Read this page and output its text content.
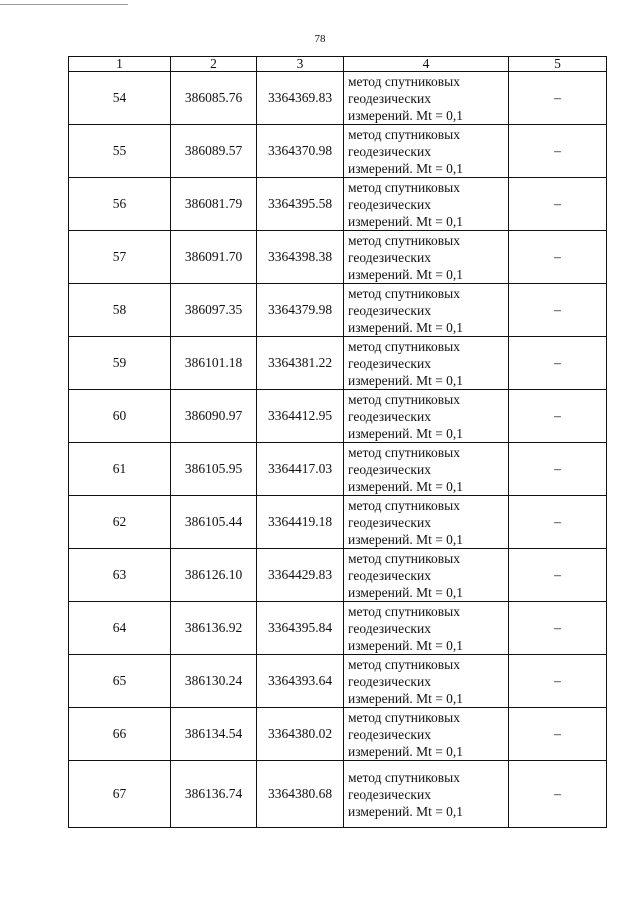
78
1	2	3	4	5
54	386085.76	3364369.83	метод спутниковых
геодезических
измерений. Mt = 0,1	–
55	386089.57	3364370.98	метод спутниковых
геодезических
измерений. Mt = 0,1	–
56	386081.79	3364395.58	метод спутниковых
геодезических
измерений. Mt = 0,1	–
57	386091.70	3364398.38	метод спутниковых
геодезических
измерений. Mt = 0,1	–
58	386097.35	3364379.98	метод спутниковых
геодезических
измерений. Mt = 0,1	–
59	386101.18	3364381.22	метод спутниковых
геодезических
измерений. Mt = 0,1	–
60	386090.97	3364412.95	метод спутниковых
геодезических
измерений. Mt = 0,1	–
61	386105.95	3364417.03	метод спутниковых
геодезических
измерений. Mt = 0,1	–
62	386105.44	3364419.18	метод спутниковых
геодезических
измерений. Mt = 0,1	–
63	386126.10	3364429.83	метод спутниковых
геодезических
измерений. Mt = 0,1	–
64	386136.92	3364395.84	метод спутниковых
геодезических
измерений. Mt = 0,1	–
65	386130.24	3364393.64	метод спутниковых
геодезических
измерений. Mt = 0,1	–
66	386134.54	3364380.02	метод спутниковых
геодезических
измерений. Mt = 0,1	–
67	386136.74	3364380.68	метод спутниковых
геодезических
измерений. Mt = 0,1	–
